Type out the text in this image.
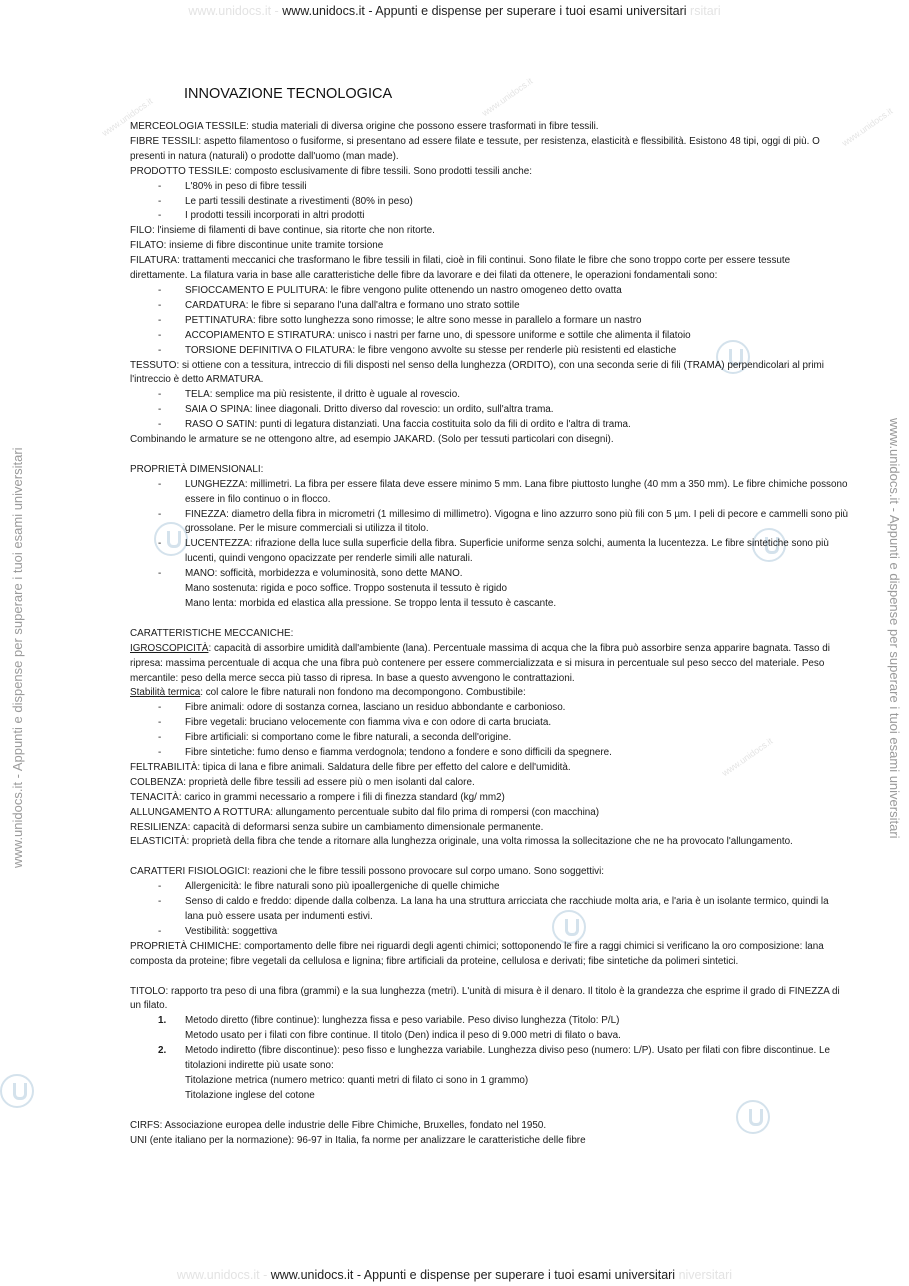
www.unidocs.it - www.unidocs.it - Appunti e dispense per superare i tuoi esami universitari rsitari
www.unidocs.it - Appunti e dispense per superare i tuoi esami universitari	www.unidocs.it - Appunti e dispense per superare i tuoi esami universitari
www.unidocs.it	www.unidocs.it
www.unidocs.it
www.unidocs.it
INNOVAZIONE TECNOLOGICA
MERCEOLOGIA TESSILE: studia materiali di diversa origine che possono essere trasformati in fibre tessili.
FIBRE TESSILI: aspetto filamentoso o fusiforme, si presentano ad essere filate e tessute, per resistenza, elasticità e flessibilità. Esistono 48 tipi, oggi di più. O presenti in natura (naturali) o prodotte dall'uomo (man made).
PRODOTTO TESSILE: composto esclusivamente di fibre tessili. Sono prodotti tessili anche:
- L'80% in peso di fibre tessili
- Le parti tessili destinate a rivestimenti (80% in peso)
- I prodotti tessili incorporati in altri prodotti
FILO: l'insieme di filamenti di bave continue, sia ritorte che non ritorte.
FILATO: insieme di fibre discontinue unite tramite torsione
FILATURA: trattamenti meccanici che trasformano le fibre tessili in filati, cioè in fili continui. Sono filate le fibre che sono troppo corte per essere tessute direttamente. La filatura varia in base alle caratteristiche delle fibre da lavorare e dei filati da ottenere, le operazioni fondamentali sono:
- SFIOCCAMENTO E PULITURA: le fibre vengono pulite ottenendo un nastro omogeneo detto ovatta
- CARDATURA: le fibre si separano l'una dall'altra e formano uno strato sottile
- PETTINATURA: fibre sotto lunghezza sono rimosse; le altre sono messe in parallelo a formare un nastro
- ACCOPIAMENTO E STIRATURA: unisco i nastri per farne uno, di spessore uniforme e sottile che alimenta il filatoio
- TORSIONE DEFINITIVA O FILATURA: le fibre vengono avvolte su stesse per renderle più resistenti ed elastiche
TESSUTO: si ottiene con a tessitura, intreccio di fili disposti nel senso della lunghezza (ORDITO), con una seconda serie di fili (TRAMA) perpendicolari al primi l'intreccio è detto ARMATURA.
- TELA: semplice ma più resistente, il dritto è uguale al rovescio.
- SAIA O SPINA: linee diagonali. Dritto diverso dal rovescio: un ordito, sull'altra trama.
- RASO O SATIN: punti di legatura distanziati. Una faccia costituita solo da fili di ordito e l'altra di trama.
Combinando le armature se ne ottengono altre, ad esempio JAKARD. (Solo per tessuti particolari con disegni).
PROPRIETÀ DIMENSIONALI:
- LUNGHEZZA: millimetri. La fibra per essere filata deve essere minimo 5 mm. Lana fibre piuttosto lunghe (40 mm a 350 mm). Le fibre chimiche possono essere in filo continuo o in flocco.
- FINEZZA: diametro della fibra in micrometri (1 millesimo di millimetro). Vigogna e lino azzurro sono più fili con 5 µm. I peli di pecore e cammelli sono più grossolane. Per le misure commerciali si utilizza il titolo.
- LUCENTEZZA: rifrazione della luce sulla superficie della fibra. Superficie uniforme senza solchi, aumenta la lucentezza. Le fibre sintetiche sono più lucenti, quindi vengono opacizzate per renderle simili alle naturali.
- MANO: sofficità, morbidezza e voluminosità, sono dette MANO.
Mano sostenuta: rigida e poco soffice. Troppo sostenuta il tessuto è rigido
Mano lenta: morbida ed elastica alla pressione. Se troppo lenta il tessuto è cascante.
CARATTERISTICHE MECCANICHE:
IGROSCOPICITÀ: capacità di assorbire umidità dall'ambiente (lana). Percentuale massima di acqua che la fibra può assorbire senza apparire bagnata. Tasso di ripresa: massima percentuale di acqua che una fibra può contenere per essere commercializzata e si misura in percentuale sul peso secco del materiale. Peso mercantile: peso della merce secca più tasso di ripresa. In base a questo avvengono le contrattazioni.
Stabilità termica: col calore le fibre naturali non fondono ma decompongono. Combustibile:
- Fibre animali: odore di sostanza cornea, lasciano un residuo abbondante e carbonioso.
- Fibre vegetali: bruciano velocemente con fiamma viva e con odore di carta bruciata.
- Fibre artificiali: si comportano come le fibre naturali, a seconda dell'origine.
- Fibre sintetiche: fumo denso e fiamma verdognola; tendono a fondere e sono difficili da spegnere.
FELTRABILITÀ: tipica di lana e fibre animali. Saldatura delle fibre per effetto del calore e dell'umidità.
COLBENZA: proprietà delle fibre tessili ad essere più o men isolanti dal calore.
TENACITÀ: carico in grammi necessario a rompere i fili di finezza standard (kg/ mm2)
ALLUNGAMENTO A ROTTURA: allungamento percentuale subito dal filo prima di rompersi (con macchina)
RESILIENZA: capacità di deformarsi senza subire un cambiamento dimensionale permanente.
ELASTICITÀ: proprietà della fibra che tende a ritornare alla lunghezza originale, una volta rimossa la sollecitazione che ne ha provocato l'allungamento.
CARATTERI FISIOLOGICI: reazioni che le fibre tessili possono provocare sul corpo umano. Sono soggettivi:
- Allergenicità: le fibre naturali sono più ipoallergeniche di quelle chimiche
- Senso di caldo e freddo: dipende dalla colbenza. La lana ha una struttura arricciata che racchiude molta aria, e l'aria è un isolante termico, quindi la lana può essere usata per indumenti estivi.
- Vestibilità: soggettiva
PROPRIETÀ CHIMICHE: comportamento delle fibre nei riguardi degli agenti chimici; sottoponendo le fire a raggi chimici si verificano la oro composizione: lana composta da proteine; fibre vegetali da cellulosa e lignina; fibre artificiali da proteine, cellulosa e derivati; fibe sintetiche da polimeri sintetici.
TITOLO: rapporto tra peso di una fibra (grammi) e la sua lunghezza (metri). L'unità di misura è il denaro. Il titolo è la grandezza che esprime il grado di FINEZZA di un filato.
1. Metodo diretto (fibre continue): lunghezza fissa e peso variabile. Peso diviso lunghezza (Titolo: P/L)
Metodo usato per i filati con fibre continue. Il titolo (Den) indica il peso di 9.000 metri di filato o bava.
2. Metodo indiretto (fibre discontinue): peso fisso e lunghezza variabile. Lunghezza diviso peso (numero: L/P). Usato per filati con fibre discontinue. Le titolazioni indirette più usate sono:
Titolazione metrica (numero metrico: quanti metri di filato ci sono in 1 grammo)
Titolazione inglese del cotone
CIRFS: Associazione europea delle industrie delle Fibre Chimiche, Bruxelles, fondato nel 1950.
UNI (ente italiano per la normazione): 96-97 in Italia, fa norme per analizzare le caratteristiche delle fibre
www.unidocs.it - www.unidocs.it - Appunti e dispense per superare i tuoi esami universitari niversitari
